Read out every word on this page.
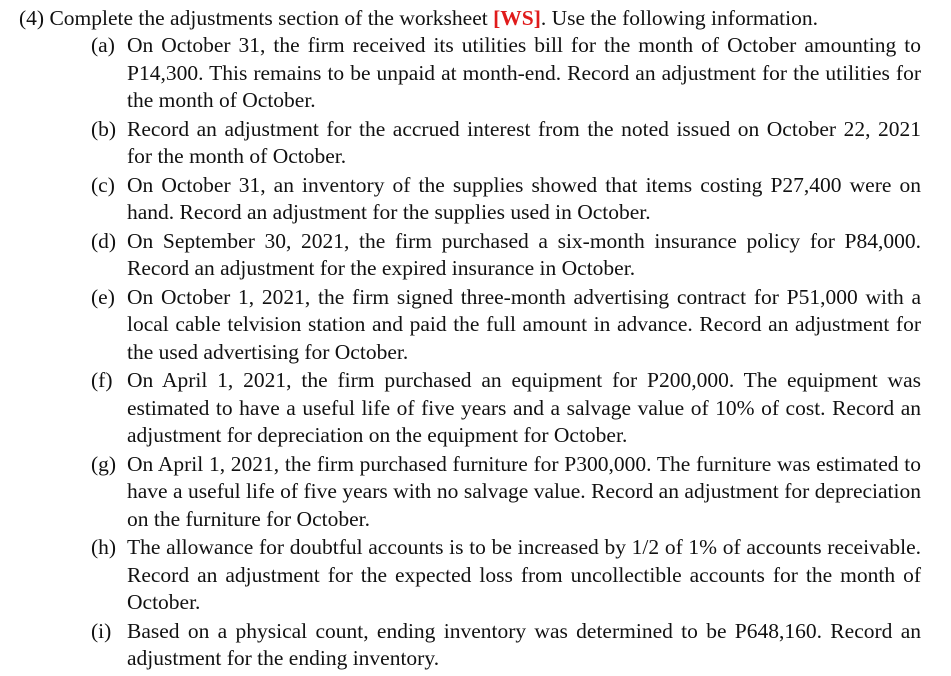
(4) Complete the adjustments section of the worksheet [WS]. Use the following information.

(a) On October 31, the firm received its utilities bill for the month of October amounting to P14,300. This remains to be unpaid at month-end. Record an adjustment for the utilities for the month of October.
(b) Record an adjustment for the accrued interest from the noted issued on October 22, 2021 for the month of October.
(c) On October 31, an inventory of the supplies showed that items costing P27,400 were on hand. Record an adjustment for the supplies used in October.
(d) On September 30, 2021, the firm purchased a six-month insurance policy for P84,000. Record an adjustment for the expired insurance in October.
(e) On October 1, 2021, the firm signed three-month advertising contract for P51,000 with a local cable telvision station and paid the full amount in advance. Record an adjustment for the used advertising for October.
(f) On April 1, 2021, the firm purchased an equipment for P200,000. The equipment was estimated to have a useful life of five years and a salvage value of 10% of cost. Record an adjustment for depreciation on the equipment for October.
(g) On April 1, 2021, the firm purchased furniture for P300,000. The furniture was estimated to have a useful life of five years with no salvage value. Record an adjustment for depreciation on the furniture for October.
(h) The allowance for doubtful accounts is to be increased by 1/2 of 1% of accounts receivable. Record an adjustment for the expected loss from uncollectible accounts for the month of October.
(i) Based on a physical count, ending inventory was determined to be P648,160. Record an adjustment for the ending inventory.
